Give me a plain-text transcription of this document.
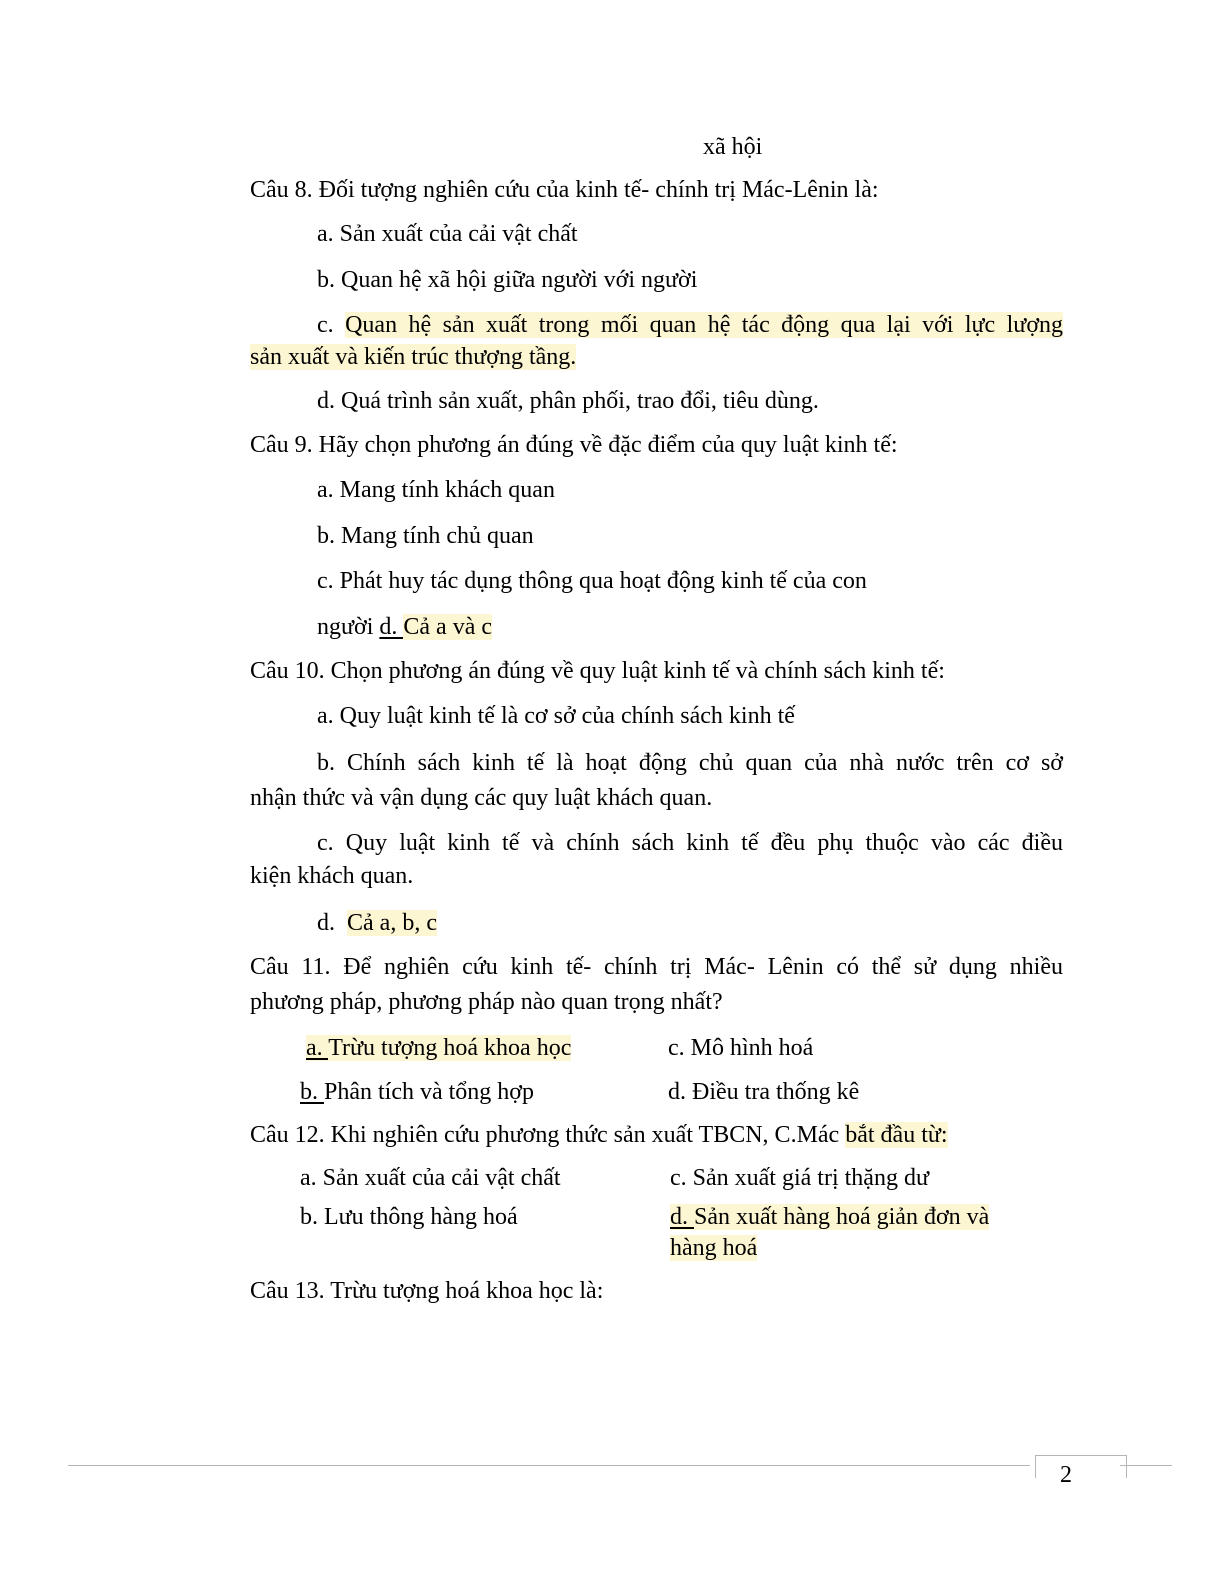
xã hội
Câu 8. Đối tượng nghiên cứu của kinh tế- chính trị Mác-Lênin là:
a. Sản xuất của cải vật chất
b. Quan hệ xã hội giữa người với người
c. Quan hệ sản xuất trong mối quan hệ tác động qua lại với lực lượng
sản xuất và kiến trúc thượng tầng.
d. Quá trình sản xuất, phân phối, trao đổi, tiêu dùng.
Câu 9. Hãy chọn phương án đúng về đặc điểm của quy luật kinh tế:
a. Mang tính khách quan
b. Mang tính chủ quan
c. Phát huy tác dụng thông qua hoạt động kinh tế của con
người d. Cả a và c
Câu 10. Chọn phương án đúng về quy luật kinh tế và chính sách kinh tế:
a. Quy luật kinh tế là cơ sở của chính sách kinh tế
b. Chính sách kinh tế là hoạt động chủ quan của nhà nước trên cơ sở
nhận thức và vận dụng các quy luật khách quan.
c. Quy luật kinh tế và chính sách kinh tế đều phụ thuộc vào các điều
kiện khách quan.
d. Cả a, b, c
Câu 11. Để nghiên cứu kinh tế- chính trị Mác- Lênin có thể sử dụng nhiều
phương pháp, phương pháp nào quan trọng nhất?
a. Trừu tượng hoá khoa học	c. Mô hình hoá
b. Phân tích và tổng hợp	d. Điều tra thống kê
Câu 12. Khi nghiên cứu phương thức sản xuất TBCN, C.Mác bắt đầu từ:
a. Sản xuất của cải vật chất	c. Sản xuất giá trị thặng dư
b. Lưu thông hàng hoá	d. Sản xuất hàng hoá giản đơn và
hàng hoá
Câu 13. Trừu tượng hoá khoa học là:
2
